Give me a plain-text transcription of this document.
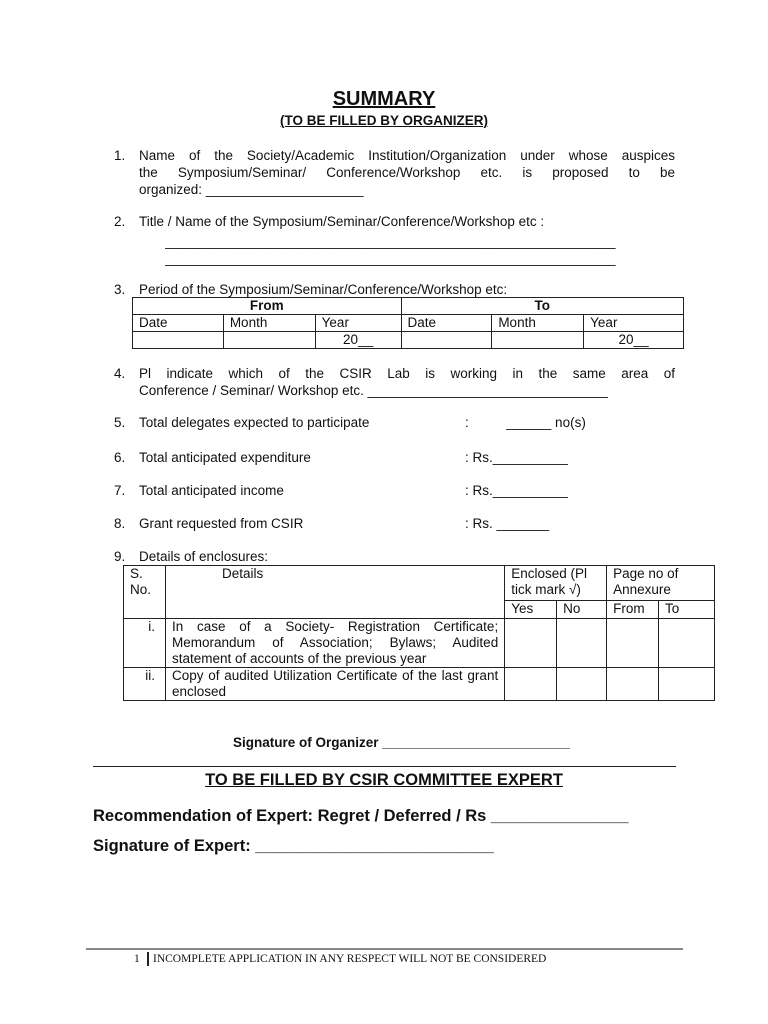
SUMMARY
(TO BE FILLED BY ORGANIZER)
1. Name of the Society/Academic Institution/Organization under whose auspices
the Symposium/Seminar/ Conference/Workshop etc. is proposed to be
organized: _____________________
2. Title / Name of the Symposium/Seminar/Conference/Workshop etc :
____________________________________________________________
____________________________________________________________
3. Period of the Symposium/Seminar/Conference/Workshop etc:
From			To		
Date	Month	Year	Date	Month	Year
		20__			20__
4. Pl indicate which of the CSIR Lab is working in the same area of
Conference / Seminar/ Workshop etc. ________________________________
5. Total delegates expected to participate	:          ______ no(s)
6. Total anticipated expenditure	: Rs.__________
7. Total anticipated income	: Rs.__________
8. Grant requested from CSIR	: Rs. _______
9. Details of enclosures:
S.
No.	Details	Enclosed (Pl tick mark √)		Page no of Annexure	
		Yes	No	From	To
i.	In case of a Society- Registration Certificate; Memorandum of Association; Bylaws; Audited statement of accounts of the previous year				
ii.	Copy of audited Utilization Certificate of the last grant enclosed				
Signature of Organizer _________________________
TO BE FILLED BY CSIR COMMITTEE EXPERT
Recommendation of Expert: Regret / Deferred / Rs _______________
Signature of Expert: __________________________
1 INCOMPLETE APPLICATION IN ANY RESPECT WILL NOT BE CONSIDERED
